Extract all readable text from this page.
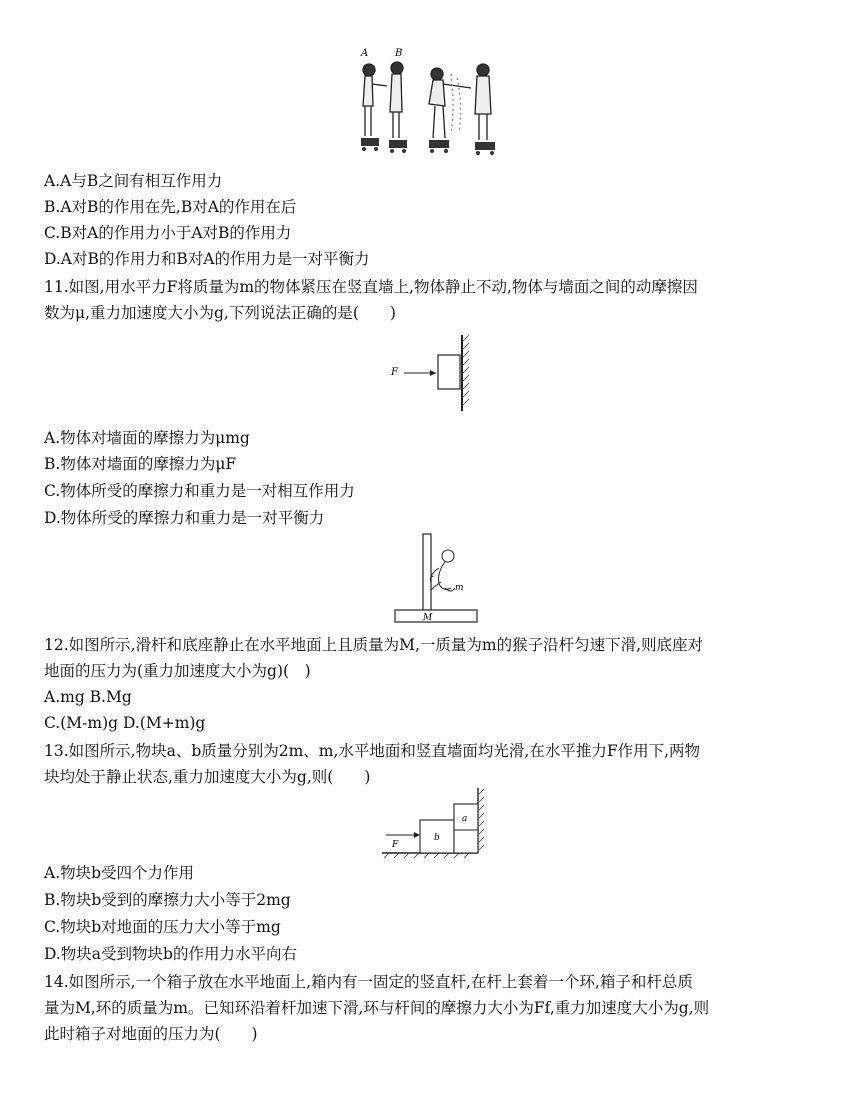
A	B
A.A与B之间有相互作用力
B.A对B的作用在先,B对A的作用在后
C.B对A的作用力小于A对B的作用力
D.A对B的作用力和B对A的作用力是一对平衡力
11.如图,用水平力F将质量为m的物体紧压在竖直墙上,物体静止不动,物体与墙面之间的动摩擦因
数为μ,重力加速度大小为g,下列说法正确的是(　　)
F
A.物体对墙面的摩擦力为μmg
B.物体对墙面的摩擦力为μF
C.物体所受的摩擦力和重力是一对相互作用力
D.物体所受的摩擦力和重力是一对平衡力
M
m
12.如图所示,滑杆和底座静止在水平地面上且质量为M,一质量为m的猴子沿杆匀速下滑,则底座对
地面的压力为(重力加速度大小为g)(　)
A.mg B.Mg
C.(M-m)g D.(M+m)g
13.如图所示,物块a、b质量分别为2m、m,水平地面和竖直墙面均光滑,在水平推力F作用下,两物
块均处于静止状态,重力加速度大小为g,则(　　)
a
b
F
A.物块b受四个力作用
B.物块b受到的摩擦力大小等于2mg
C.物块b对地面的压力大小等于mg
D.物块a受到物块b的作用力水平向右
14.如图所示,一个箱子放在水平地面上,箱内有一固定的竖直杆,在杆上套着一个环,箱子和杆总质
量为M,环的质量为m。已知环沿着杆加速下滑,环与杆间的摩擦力大小为Ff,重力加速度大小为g,则
此时箱子对地面的压力为(　　)
